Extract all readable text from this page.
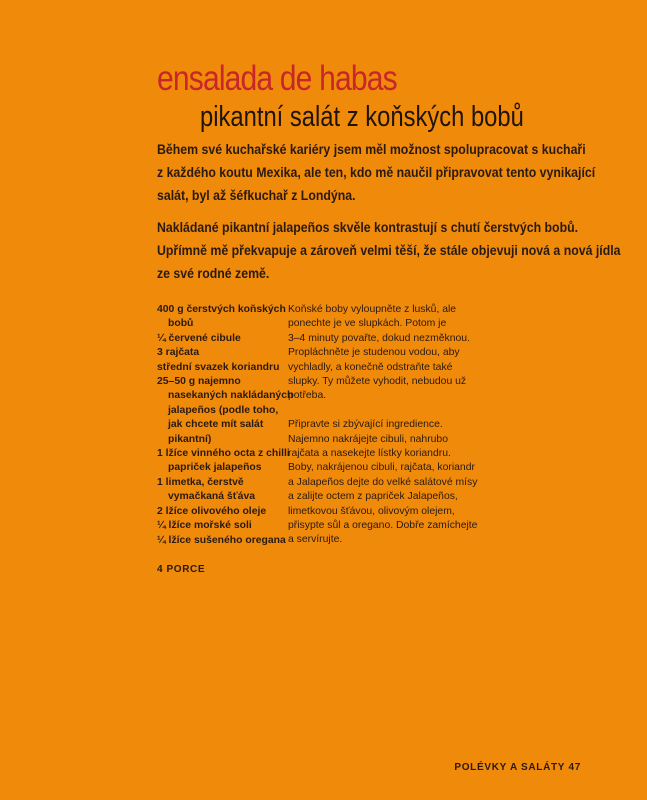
ensalada de habas
pikantní salát z koňských bobů

Během své kuchařské kariéry jsem měl možnost spolupracovat s kuchaři
z každého koutu Mexika, ale ten, kdo mě naučil připravovat tento vynikající
salát, byl až šéfkuchař z Londýna.

Nakládané pikantní jalapeños skvěle kontrastují s chutí čerstvých bobů.
Upřímně mě překvapuje a zároveň velmi těší, že stále objevuji nová a nová jídla
ze své rodné země.

400 g čerstvých koňských
bobů
¼ červené cibule
3 rajčata
střední svazek koriandru
25–50 g najemno
nasekaných nakládaných
jalapeños (podle toho,
jak chcete mít salát
pikantní)
1 lžíce vinného octa z chilli
papriček jalapeños
1 limetka, čerstvě
vymačkaná šťáva
2 lžíce olivového oleje
¼ lžíce mořské soli
¼ lžíce sušeného oregana
4 PORCE
Koňské boby vyloupněte z lusků, ale
ponechte je ve slupkách. Potom je
3–4 minuty povařte, dokud nezměknou.
Propláchněte je studenou vodou, aby
vychladly, a konečně odstraňte také
slupky. Ty můžete vyhodit, nebudou už
potřeba.
Připravte si zbývající ingredience.
Najemno nakrájejte cibuli, nahrubo
rajčata a nasekejte lístky koriandru.
Boby, nakrájenou cibuli, rajčata, koriandr
a Jalapeños dejte do velké salátové mísy
a zalijte octem z papriček Jalapeños,
limetkovou šťávou, olivovým olejem,
přisypte sůl a oregano. Dobře zamíchejte
a servírujte.
POLÉVKY A SALÁTY 47
